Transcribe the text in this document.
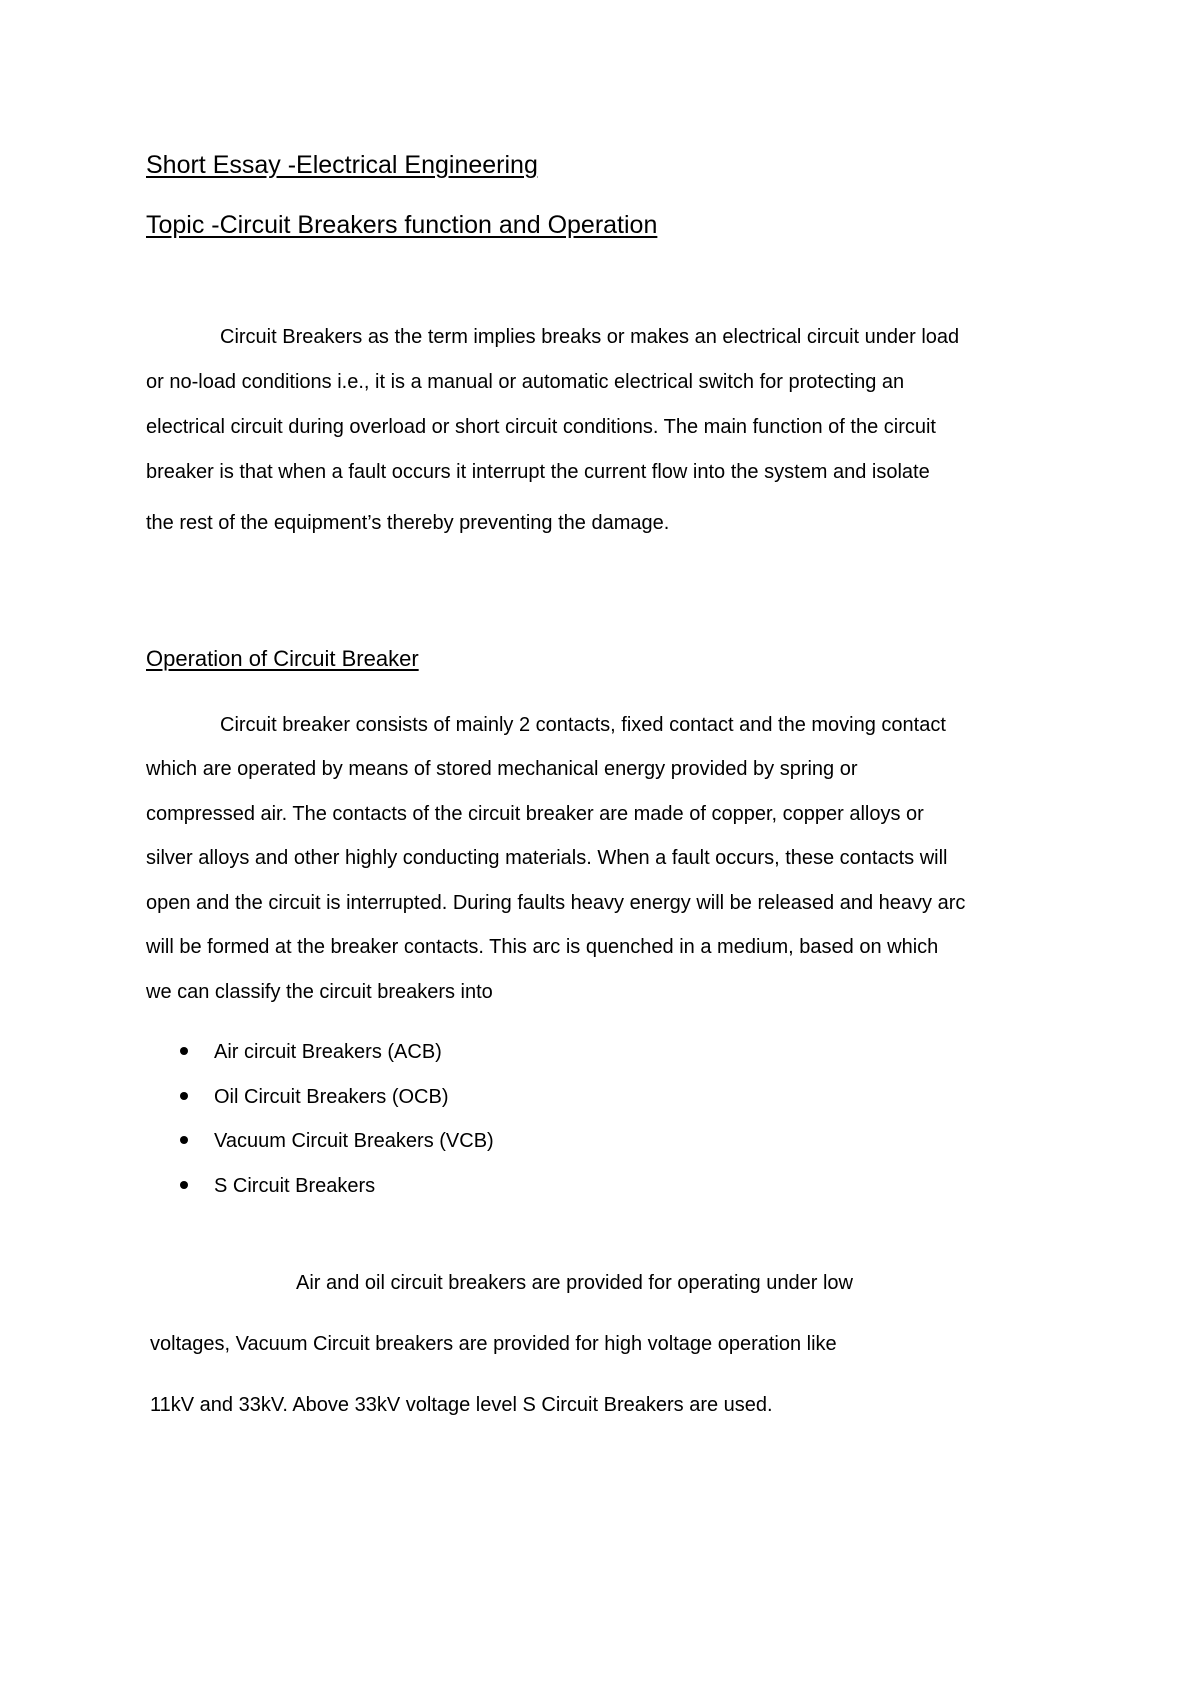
Short Essay -Electrical Engineering
Topic -Circuit Breakers function and Operation
Circuit Breakers as the term implies breaks or makes an electrical circuit under load
or no-load conditions i.e., it is a manual or automatic electrical switch for protecting an
electrical circuit during overload or short circuit conditions. The main function of the circuit
breaker is that when a fault occurs it interrupt the current flow into the system and isolate
the rest of the equipment’s thereby preventing the damage.
Operation of Circuit Breaker
Circuit breaker consists of mainly 2 contacts, fixed contact and the moving contact
which are operated by means of stored mechanical energy provided by spring or
compressed air. The contacts of the circuit breaker are made of copper, copper alloys or
silver alloys and other highly conducting materials. When a fault occurs, these contacts will
open and the circuit is interrupted. During faults heavy energy will be released and heavy arc
will be formed at the breaker contacts. This arc is quenched in a medium, based on which
we can classify the circuit breakers into
Air circuit Breakers (ACB)
Oil Circuit Breakers (OCB)
Vacuum Circuit Breakers (VCB)
S Circuit Breakers
Air and oil circuit breakers are provided for operating under low
voltages, Vacuum Circuit breakers are provided for high voltage operation like
11kV and 33kV. Above 33kV voltage level S Circuit Breakers are used.
